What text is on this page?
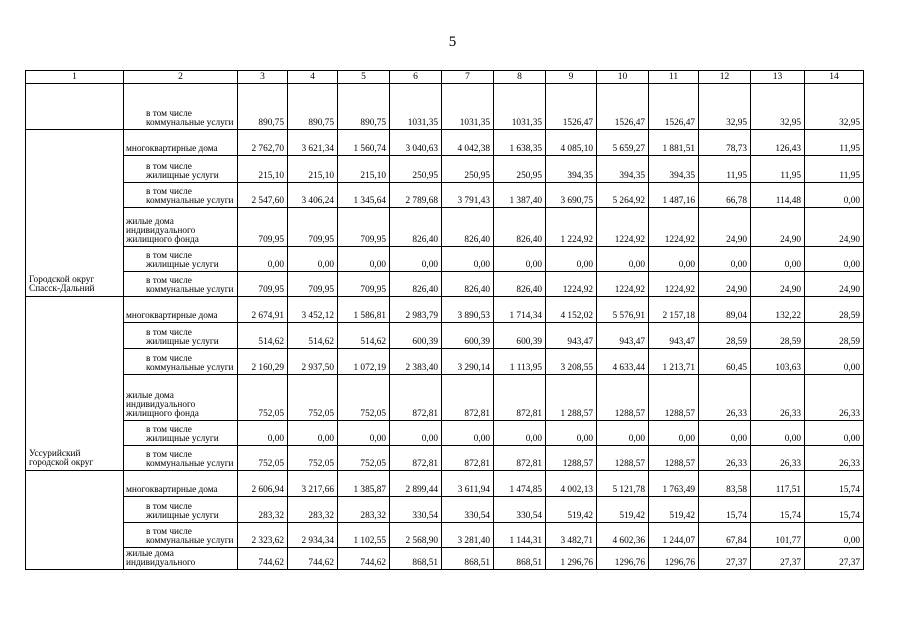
5
1	2	3	4	5	6	7	8	9	10	11	12	13	14
	в том числе коммунальные услуги	890,75	890,75	890,75	1031,35	1031,35	1031,35	1526,47	1526,47	1526,47	32,95	32,95	32,95
Городской округ Спасск-Дальний	многоквартирные дома	2 762,70	3 621,34	1 560,74	3 040,63	4 042,38	1 638,35	4 085,10	5 659,27	1 881,51	78,73	126,43	11,95
	в том числе жилищные услуги	215,10	215,10	215,10	250,95	250,95	250,95	394,35	394,35	394,35	11,95	11,95	11,95
	в том числе коммунальные услуги	2 547,60	3 406,24	1 345,64	2 789,68	3 791,43	1 387,40	3 690,75	5 264,92	1 487,16	66,78	114,48	0,00
	жилые дома индивидуального жилищного фонда	709,95	709,95	709,95	826,40	826,40	826,40	1 224,92	1224,92	1224,92	24,90	24,90	24,90
	в том числе жилищные услуги	0,00	0,00	0,00	0,00	0,00	0,00	0,00	0,00	0,00	0,00	0,00	0,00
	в том числе коммунальные услуги	709,95	709,95	709,95	826,40	826,40	826,40	1224,92	1224,92	1224,92	24,90	24,90	24,90
Уссурийский городской округ	многоквартирные дома	2 674,91	3 452,12	1 586,81	2 983,79	3 890,53	1 714,34	4 152,02	5 576,91	2 157,18	89,04	132,22	28,59
	в том числе жилищные услуги	514,62	514,62	514,62	600,39	600,39	600,39	943,47	943,47	943,47	28,59	28,59	28,59
	в том числе коммунальные услуги	2 160,29	2 937,50	1 072,19	2 383,40	3 290,14	1 113,95	3 208,55	4 633,44	1 213,71	60,45	103,63	0,00
	жилые дома индивидуального жилищного фонда	752,05	752,05	752,05	872,81	872,81	872,81	1 288,57	1288,57	1288,57	26,33	26,33	26,33
	в том числе жилищные услуги	0,00	0,00	0,00	0,00	0,00	0,00	0,00	0,00	0,00	0,00	0,00	0,00
	в том числе коммунальные услуги	752,05	752,05	752,05	872,81	872,81	872,81	1288,57	1288,57	1288,57	26,33	26,33	26,33
	многоквартирные дома	2 606,94	3 217,66	1 385,87	2 899,44	3 611,94	1 474,85	4 002,13	5 121,78	1 763,49	83,58	117,51	15,74
	в том числе жилищные услуги	283,32	283,32	283,32	330,54	330,54	330,54	519,42	519,42	519,42	15,74	15,74	15,74
	в том числе коммунальные услуги	2 323,62	2 934,34	1 102,55	2 568,90	3 281,40	1 144,31	3 482,71	4 602,36	1 244,07	67,84	101,77	0,00
	жилые дома индивидуального	744,62	744,62	744,62	868,51	868,51	868,51	1 296,76	1296,76	1296,76	27,37	27,37	27,37
